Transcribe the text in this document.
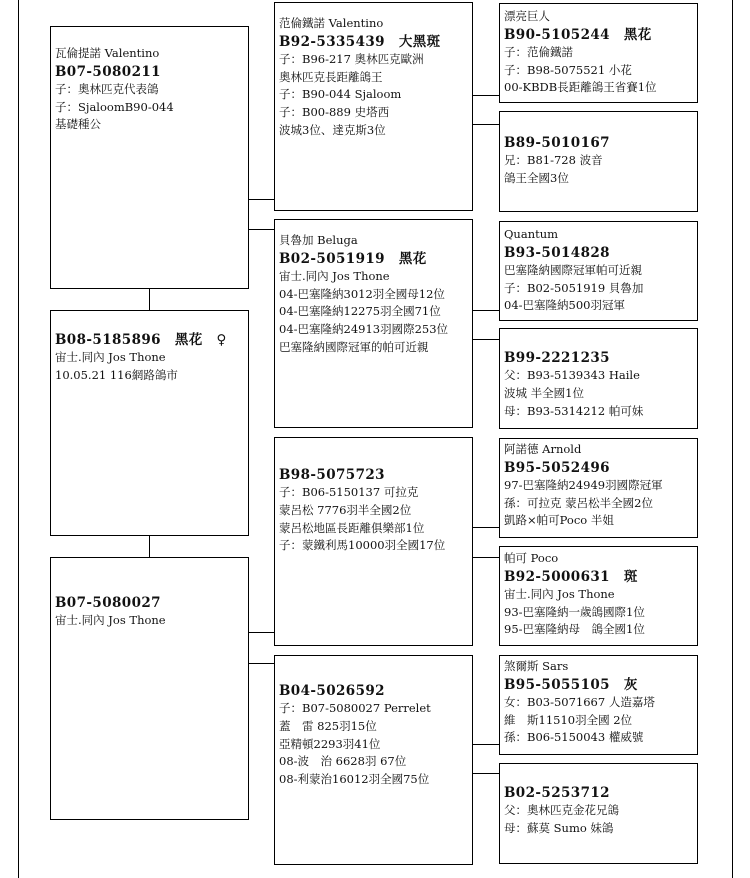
瓦倫提諾 Valentino
B07-5080211
子：奧林匹克代表鴿
子：SjaloomB90-044
基礎種公
B08-5185896　黑花　♀
宙士.同內 Jos Thone
10.05.21 116網路鴿市
B07-5080027
宙士.同內 Jos Thone
范倫鐵諾 Valentino
B92-5335439　大黑斑
子：B96-217 奧林匹克歐洲
奧林匹克長距離鴿王
子：B90-044 Sjaloom
子：B00-889 史塔西
波城3位、達克斯3位
貝魯加 Beluga
B02-5051919　黑花
宙士.同內 Jos Thone
04-巴塞隆納3012羽全國母12位
04-巴塞隆納12275羽全國71位
04-巴塞隆納24913羽國際253位
巴塞隆納國際冠軍的帕可近親
B98-5075723
子：B06-5150137 可拉克
蒙呂松 7776羽半全國2位
蒙呂松地區長距離俱樂部1位
子：蒙鐵利馬10000羽全國17位
B04-5026592
子：B07-5080027 Perrelet
蓋　雷 825羽15位
亞精頓2293羽41位
08-波　治 6628羽 67位
08-利蒙治16012羽全國75位
漂亮巨人
B90-5105244　黑花
子：范倫鐵諾
子：B98-5075521 小花
00-KBDB長距離鴿王省賽1位
B89-5010167
兄：B81-728 波音
鴿王全國3位
Quantum
B93-5014828
巴塞隆納國際冠軍帕可近親
子：B02-5051919 貝魯加
04-巴塞隆納500羽冠軍
B99-2221235
父：B93-5139343 Haile
波城 半全國1位
母：B93-5314212 帕可妹
阿諾德 Arnold
B95-5052496
97-巴塞隆納24949羽國際冠軍
孫：可拉克 蒙呂松半全國2位
凱路×帕可Poco 半姐
帕可 Poco
B92-5000631　斑
宙士.同內 Jos Thone
93-巴塞隆納一歲鴿國際1位
95-巴塞隆納母　鴿全國1位
煞爾斯 Sars
B95-5055105　灰
女：B03-5071667 人造嘉塔
維　斯11510羽全國 2位
孫：B06-5150043 權威號
B02-5253712
父：奧林匹克金花兄鴿
母：蘇莫 Sumo 妹鴿
